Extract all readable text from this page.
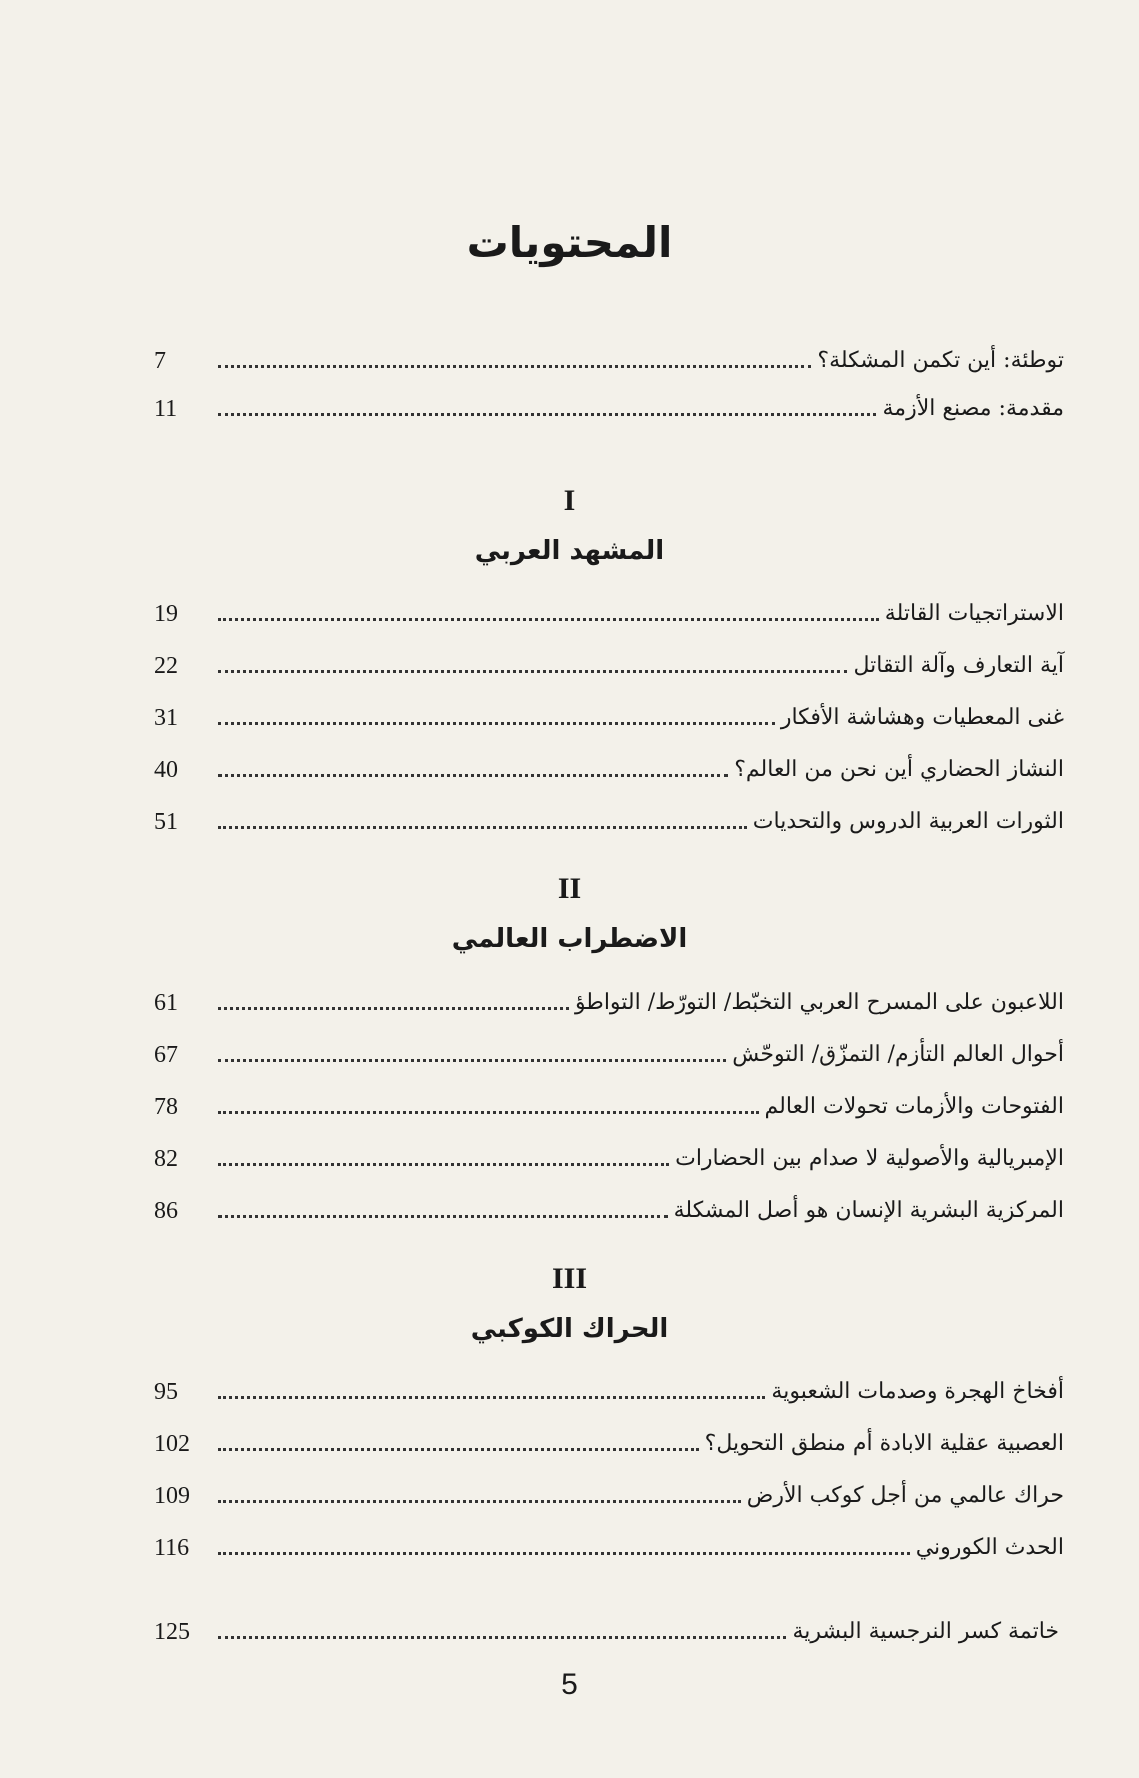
المحتويات
توطئة: أين تكمن المشكلة؟
7
مقدمة: مصنع الأزمة
11
I
المشهد العربي
الاستراتجيات القاتلة
19
آية التعارف وآلة التقاتل
22
غنى المعطيات وهشاشة الأفكار
31
النشاز الحضاري أين نحن من العالم؟
40
الثورات العربية الدروس والتحديات
51
II
الاضطراب العالمي
اللاعبون على المسرح العربي التخبّط/ التورّط/ التواطؤ
61
أحوال العالم التأزم/ التمزّق/ التوحّش
67
الفتوحات والأزمات تحولات العالم
78
الإمبريالية والأصولية لا صدام بين الحضارات
82
المركزية البشرية الإنسان هو أصل المشكلة
86
III
الحراك الكوكبي
أفخاخ الهجرة وصدمات الشعبوية
95
العصبية عقلية الابادة أم منطق التحويل؟
102
حراك عالمي من أجل كوكب الأرض
109
الحدث الكوروني
116
خاتمة كسر النرجسية البشرية
125
5
